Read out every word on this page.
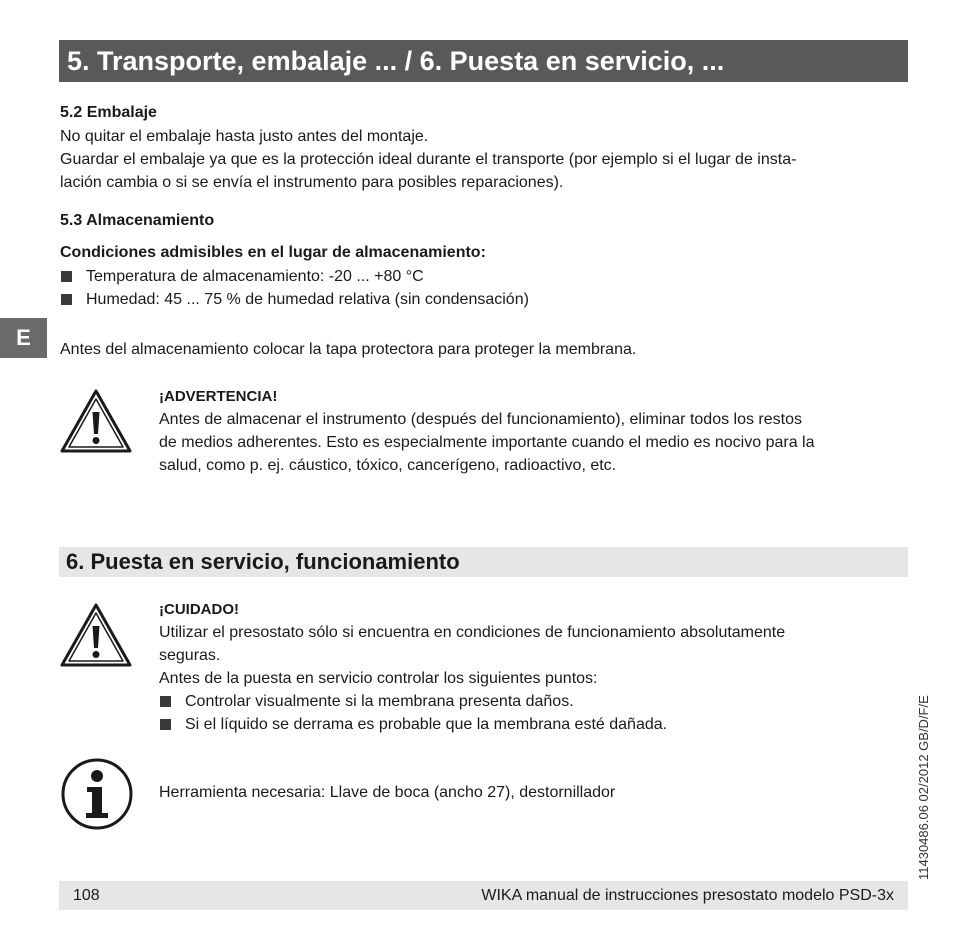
5. Transporte, embalaje ... / 6. Puesta en servicio, ...
5.2 Embalaje

No quitar el embalaje hasta justo antes del montaje.

Guardar el embalaje ya que es la protección ideal durante el transporte (por ejemplo si el lugar de insta-

lación cambia o si se envía el instrumento para posibles reparaciones).

5.3 Almacenamiento
Condiciones admisibles en el lugar de almacenamiento:
Temperatura de almacenamiento: -20 ... +80 °C
Humedad: 45 ... 75 % de humedad relativa (sin condensación)
Antes del almacenamiento colocar la tapa protectora para proteger la membrana.
E

¡ADVERTENCIA!

Antes de almacenar el instrumento (después del funcionamiento), eliminar todos los restos

de medios adherentes. Esto es especialmente importante cuando el medio es nocivo para la

salud, como p. ej. cáustico, tóxico, cancerígeno, radioactivo, etc.

6. Puesta en servicio, funcionamiento

¡CUIDADO!

Utilizar el presostato sólo si encuentra en condiciones de funcionamiento absolutamente

seguras.

Antes de la puesta en servicio controlar los siguientes puntos:

Controlar visualmente si la membrana presenta daños.
Si el líquido se derrama es probable que la membrana esté dañada.
Herramienta necesaria: Llave de boca (ancho 27), destornillador	11430486.06 02/2012 GB/D/F/E
108	WIKA manual de instrucciones presostato modelo PSD-3x
